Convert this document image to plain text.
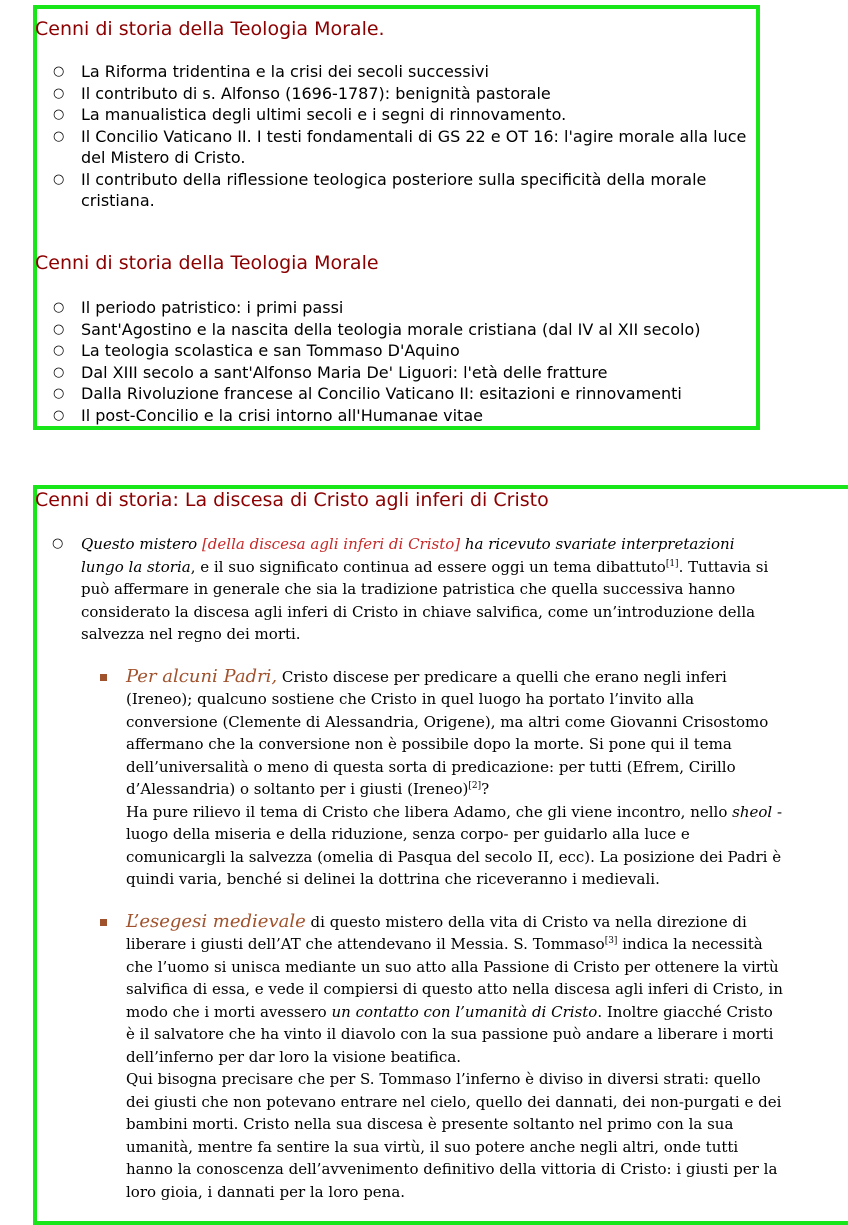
Cenni di storia della Teologia Morale.
○ La Riforma tridentina e la crisi dei secoli successivi
○ Il contributo di s. Alfonso (1696-1787): benignità pastorale
○ La manualistica degli ultimi secoli e i segni di rinnovamento.
○ Il Concilio Vaticano II. I testi fondamentali di GS 22 e OT 16: l'agire morale alla luce del Mistero di Cristo.
○ Il contributo della riflessione teologica posteriore sulla specificità della morale cristiana.
Cenni di storia della Teologia Morale
○ Il periodo patristico: i primi passi
○ Sant'Agostino e la nascita della teologia morale cristiana (dal IV al XII secolo)
○ La teologia scolastica e san Tommaso D'Aquino
○ Dal XIII secolo a sant'Alfonso Maria De' Liguori: l'età delle fratture
○ Dalla Rivoluzione francese al Concilio Vaticano II: esitazioni e rinnovamenti
○ Il post-Concilio e la crisi intorno all'Humanae vitae
Cenni di storia: La discesa di Cristo agli inferi di Cristo

○ Questo mistero [della discesa agli inferi di Cristo] ha ricevuto svariate interpretazioni lungo la storia, e il suo significato continua ad essere oggi un tema dibattuto[1]. Tuttavia si può affermare in generale che sia la tradizione patristica che quella successiva hanno considerato la discesa agli inferi di Cristo in chiave salvifica, come un’introduzione della salvezza nel regno dei morti.

Per alcuni Padri, Cristo discese per predicare a quelli che erano negli inferi (Ireneo); qualcuno sostiene che Cristo in quel luogo ha portato l’invito alla conversione (Clemente di Alessandria, Origene), ma altri come Giovanni Crisostomo affermano che la conversione non è possibile dopo la morte. Si pone qui il tema dell’universalità o meno di questa sorta di predicazione: per tutti (Efrem, Cirillo d’Alessandria) o soltanto per i giusti (Ireneo)[2]?
Ha pure rilievo il tema di Cristo che libera Adamo, che gli viene incontro, nello sheol - luogo della miseria e della riduzione, senza corpo- per guidarlo alla luce e comunicargli la salvezza (omelia di Pasqua del secolo II, ecc). La posizione dei Padri è quindi varia, benché si delinei la dottrina che riceveranno i medievali.

L’esegesi medievale di questo mistero della vita di Cristo va nella direzione di liberare i giusti dell’AT che attendevano il Messia. S. Tommaso[3] indica la necessità che l’uomo si unisca mediante un suo atto alla Passione di Cristo per ottenere la virtù salvifica di essa, e vede il compiersi di questo atto nella discesa agli inferi di Cristo, in modo che i morti avessero un contatto con l’umanità di Cristo. Inoltre giacché Cristo è il salvatore che ha vinto il diavolo con la sua passione può andare a liberare i morti dell’inferno per dar loro la visione beatifica.
Qui bisogna precisare che per S. Tommaso l’inferno è diviso in diversi strati: quello dei giusti che non potevano entrare nel cielo, quello dei dannati, dei non-purgati e dei bambini morti. Cristo nella sua discesa è presente soltanto nel primo con la sua umanità, mentre fa sentire la sua virtù, il suo potere anche negli altri, onde tutti hanno la conoscenza dell’avvenimento definitivo della vittoria di Cristo: i giusti per la loro gioia, i dannati per la loro pena.
